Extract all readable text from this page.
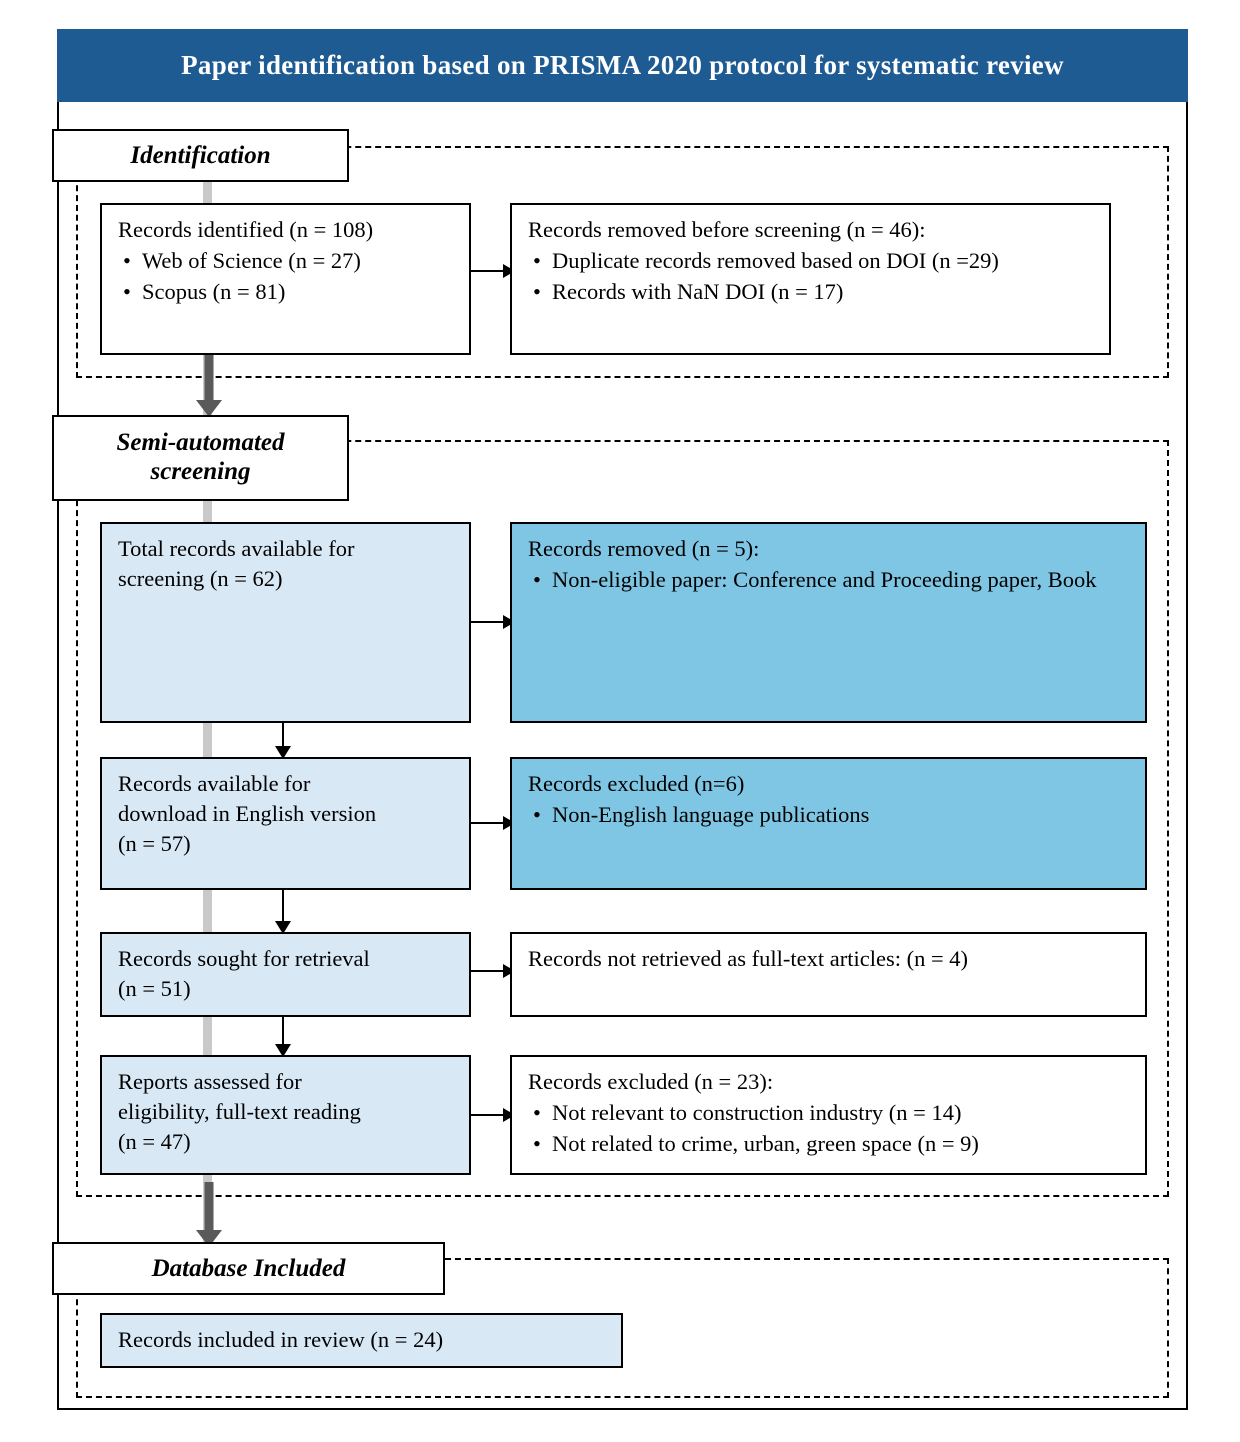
Paper identification based on PRISMA 2020 protocol for systematic review
Identification
Semi-automated
screening
Database Included
Records identified (n = 108)
• Web of Science (n = 27)
• Scopus (n = 81)
Records removed before screening (n = 46):
• Duplicate records removed based on DOI (n =29)
• Records with NaN DOI (n = 17)
Total records available for
screening (n = 62)
Records removed (n = 5):
• Non-eligible paper: Conference and Proceeding paper, Book
Records available for
download in English version
(n = 57)
Records excluded (n=6)
• Non-English language publications
Records sought for retrieval
(n = 51)
Records not retrieved as full-text articles: (n = 4)
Reports assessed for
eligibility, full-text reading
(n = 47)
Records excluded (n = 23):
• Not relevant to construction industry (n = 14)
• Not related to crime, urban, green space (n = 9)
Records included in review (n = 24)
